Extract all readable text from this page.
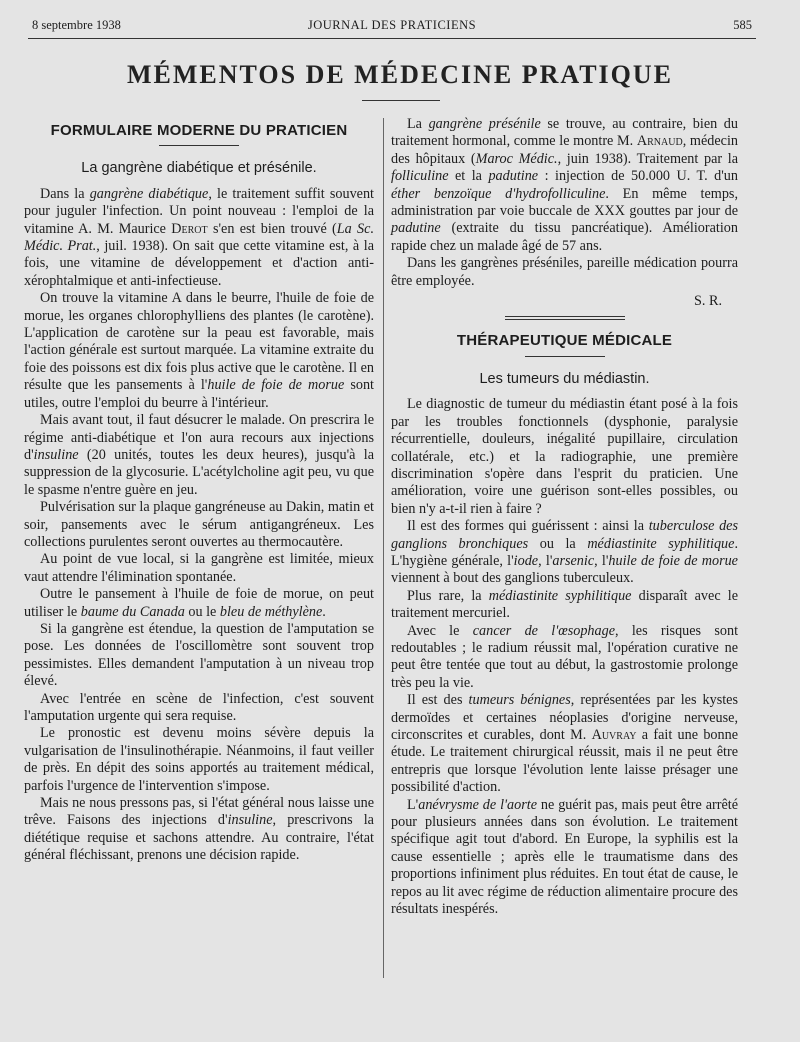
8 septembre 1938	JOURNAL DES PRATICIENS	585
MÉMENTOS DE MÉDECINE PRATIQUE
FORMULAIRE MODERNE DU PRATICIEN
La gangrène diabétique et présénile.

Dans la gangrène diabétique, le traitement suffit souvent pour juguler l'infection. Un point nouveau : l'emploi de la vitamine A. M. Maurice Derot s'en est bien trouvé (La Sc. Médic. Prat., juil. 1938). On sait que cette vitamine est, à la fois, une vitamine de développement et d'action anti-xérophtalmique et anti-infectieuse.

On trouve la vitamine A dans le beurre, l'huile de foie de morue, les organes chlorophylliens des plantes (le carotène). L'application de carotène sur la peau est favorable, mais l'action générale est surtout marquée. La vitamine extraite du foie des poissons est dix fois plus active que le carotène. Il en résulte que les pansements à l'huile de foie de morue sont utiles, outre l'emploi du beurre à l'intérieur.

Mais avant tout, il faut désucrer le malade. On prescrira le régime anti-diabétique et l'on aura recours aux injections d'insuline (20 unités, toutes les deux heures), jusqu'à la suppression de la glycosurie. L'acétylcholine agit peu, vu que le spasme n'entre guère en jeu.

Pulvérisation sur la plaque gangréneuse au Dakin, matin et soir, pansements avec le sérum antigangréneux. Les collections purulentes seront ouvertes au thermocautère.

Au point de vue local, si la gangrène est limitée, mieux vaut attendre l'élimination spontanée.

Outre le pansement à l'huile de foie de morue, on peut utiliser le baume du Canada ou le bleu de méthylène.

Si la gangrène est étendue, la question de l'amputation se pose. Les données de l'oscillomètre sont souvent trop pessimistes. Elles demandent l'amputation à un niveau trop élevé.

Avec l'entrée en scène de l'infection, c'est souvent l'amputation urgente qui sera requise.

Le pronostic est devenu moins sévère depuis la vulgarisation de l'insulinothérapie. Néanmoins, il faut veiller de près. En dépit des soins apportés au traitement médical, parfois l'urgence de l'intervention s'impose.

Mais ne nous pressons pas, si l'état général nous laisse une trêve. Faisons des injections d'insuline, prescrivons la diététique requise et sachons attendre. Au contraire, l'état général fléchissant, prenons une décision rapide.

La gangrène présénile se trouve, au contraire, bien du traitement hormonal, comme le montre M. Arnaud, médecin des hôpitaux (Maroc Médic., juin 1938). Traitement par la folliculine et la padutine : injection de 50.000 U. T. d'un éther benzoïque d'hydrofolliculine. En même temps, administration par voie buccale de XXX gouttes par jour de padutine (extraite du tissu pancréatique). Amélioration rapide chez un malade âgé de 57 ans.

Dans les gangrènes préséniles, pareille médication pourra être employée.

S. R.
THÉRAPEUTIQUE MÉDICALE
Les tumeurs du médiastin.

Le diagnostic de tumeur du médiastin étant posé à la fois par les troubles fonctionnels (dysphonie, paralysie récurrentielle, douleurs, inégalité pupillaire, circulation collatérale, etc.) et la radiographie, une première discrimination s'opère dans l'esprit du praticien. Une amélioration, voire une guérison sont-elles possibles, ou bien n'y a-t-il rien à faire ?

Il est des formes qui guérissent : ainsi la tuberculose des ganglions bronchiques ou la médiastinite syphilitique. L'hygiène générale, l'iode, l'arsenic, l'huile de foie de morue viennent à bout des ganglions tuberculeux.

Plus rare, la médiastinite syphilitique disparaît avec le traitement mercuriel.

Avec le cancer de l'œsophage, les risques sont redoutables ; le radium réussit mal, l'opération curative ne peut être tentée que tout au début, la gastrostomie prolonge très peu la vie.

Il est des tumeurs bénignes, représentées par les kystes dermoïdes et certaines néoplasies d'origine nerveuse, circonscrites et curables, dont M. Auvray a fait une bonne étude. Le traitement chirurgical réussit, mais il ne peut être entrepris que lorsque l'évolution lente laisse présager une possibilité d'action.

L'anévrysme de l'aorte ne guérit pas, mais peut être arrêté pour plusieurs années dans son évolution. Le traitement spécifique agit tout d'abord. En Europe, la syphilis est la cause essentielle ; après elle le traumatisme dans des proportions infiniment plus réduites. En tout état de cause, le repos au lit avec régime de réduction alimentaire procure des résultats inespérés.
